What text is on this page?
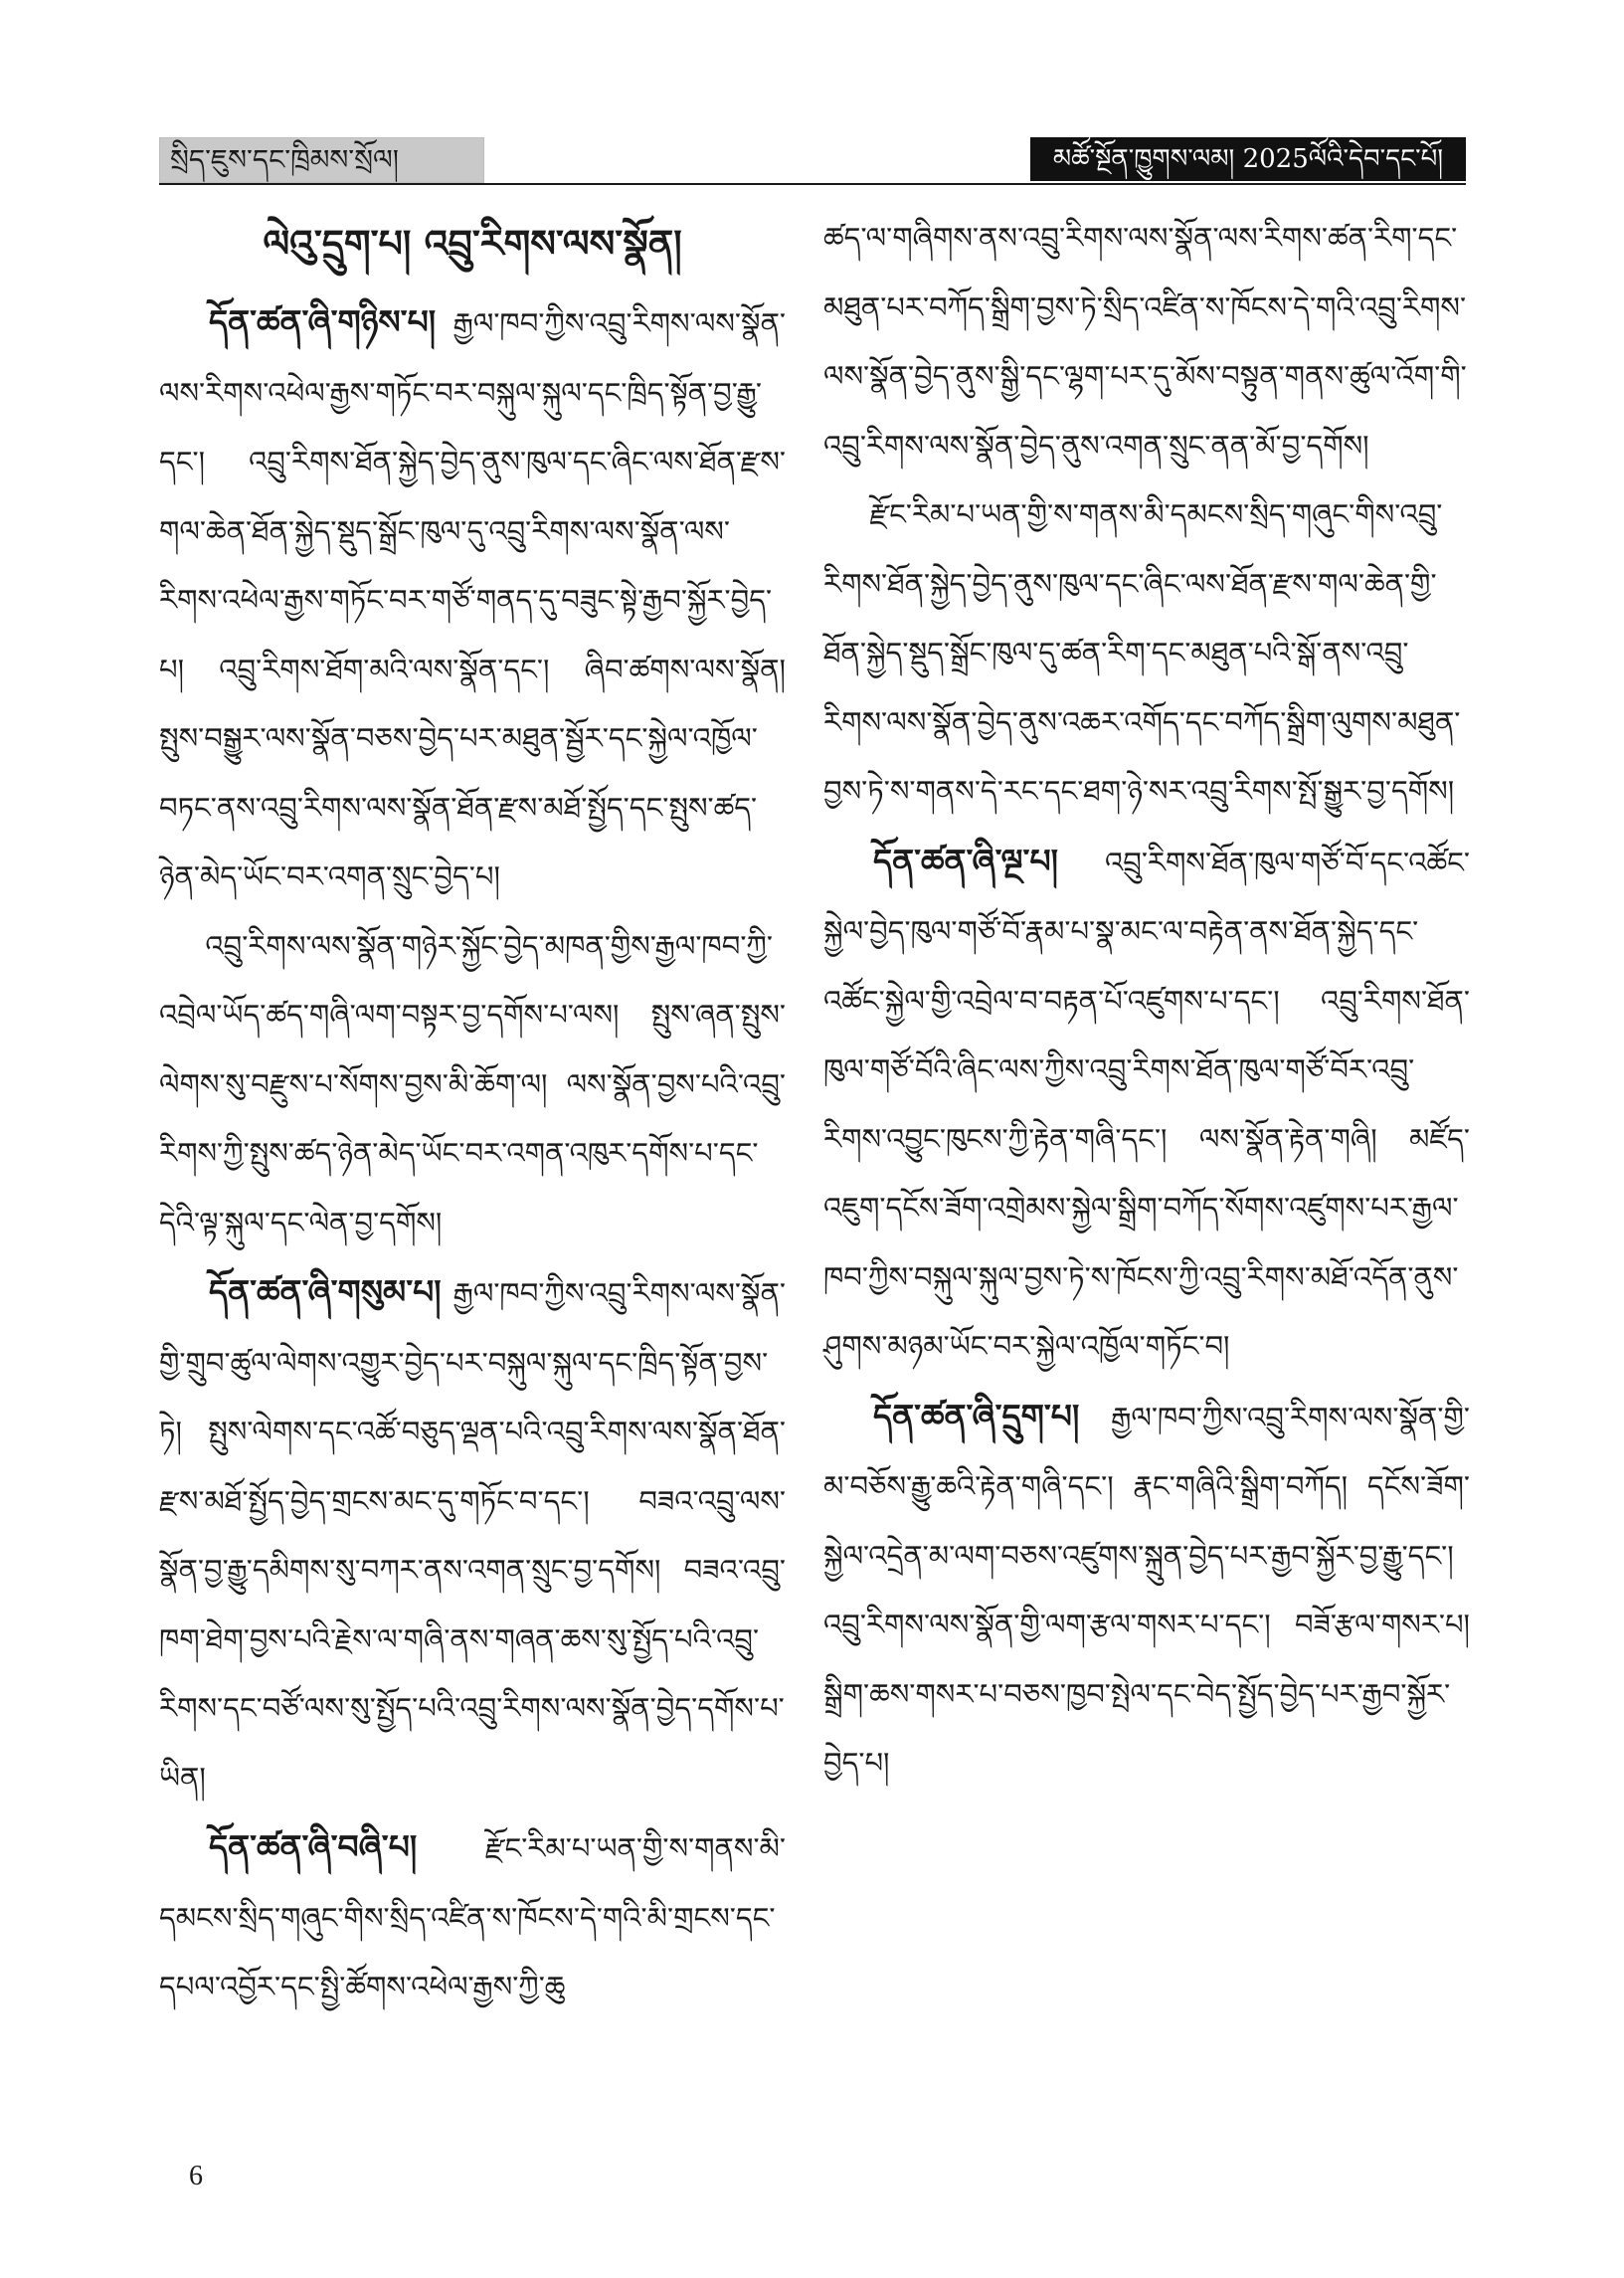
སྲིད་ཇུས་དང་ཁྲིམས་སྲོལ།	མཚོ་སྔོན་ཁྱུགས་ལམ། 2025ལོའི་དེབ་དང་པོ།
ལེའུ་དྲུག་པ། འབྲུ་རིགས་ལས་སྣོན།

དོན་ཚན་ཞི་གཉིས་པ། རྒྱལ་ཁབ་ཀྱིས་འབྲུ་རིགས་ལས་སྣོན་ལས་རིགས་འཕེལ་རྒྱས་གཏོང་བར་བསྐུལ་སྐུལ་དང་ཁྲིད་སྟོན་བྱ་རྒྱུ་དང་། འབྲུ་རིགས་ཐོན་སྐྱེད་བྱེད་ནུས་ཁུལ་དང་ཞིང་ལས་ཐོན་རྫས་གལ་ཆེན་ཐོན་སྐྱེད་སྡུད་སྒྲོང་ཁུལ་དུ་འབྲུ་རིགས་ལས་སྣོན་ལས་རིགས་འཕེལ་རྒྱས་གཏོང་བར་གཙོ་གནད་དུ་བཟུང་སྟེ་རྒྱབ་སྐྱོར་བྱེད་པ། འབྲུ་རིགས་ཐོག་མའི་ལས་སྣོན་དང་། ཞིབ་ཚགས་ལས་སྣོན། སྤུས་བསྒྱུར་ལས་སྣོན་བཅས་བྱེད་པར་མཐུན་སྦྱོར་དང་སྐྱེལ་འཁྱོལ་བཏང་ནས་འབྲུ་རིགས་ལས་སྣོན་ཐོན་རྫས་མཐོ་སྤྱོད་དང་སྤུས་ཚད་ཉེན་མེད་ཡོང་བར་འགན་སྲུང་བྱེད་པ།

འབྲུ་རིགས་ལས་སྣོན་གཉེར་སྐྱོང་བྱེད་མཁན་གྱིས་རྒྱལ་ཁབ་ཀྱི་འབྲེལ་ཡོད་ཚད་གཞི་ལག་བསྟར་བྱ་དགོས་པ་ལས། སྤུས་ཞན་སྤུས་ལེགས་སུ་བརྫུས་པ་སོགས་བྱས་མི་ཆོག་ལ། ལས་སྣོན་བྱས་པའི་འབྲུ་རིགས་ཀྱི་སྤུས་ཚད་ཉེན་མེད་ཡོང་བར་འགན་འཁུར་དགོས་པ་དང་དེའི་ལྟ་སྐུལ་དང་ལེན་བྱ་དགོས།

དོན་ཚན་ཞི་གསུམ་པ། རྒྱལ་ཁབ་ཀྱིས་འབྲུ་རིགས་ལས་སྣོན་གྱི་གྲུབ་ཚུལ་ལེགས་འགྱུར་བྱེད་པར་བསྐུལ་སྐུལ་དང་ཁྲིད་སྟོན་བྱས་ཏེ། སྤུས་ལེགས་དང་འཚོ་བཅུད་ལྡན་པའི་འབྲུ་རིགས་ལས་སྣོན་ཐོན་རྫས་མཐོ་སྤྱོད་བྱེད་གྲངས་མང་དུ་གཏོང་བ་དང་། བཟའ་འབྲུ་ལས་སྣོན་བྱ་རྒྱུ་དམིགས་སུ་བཀར་ནས་འགན་སྲུང་བྱ་དགོས། བཟའ་འབྲུ་ཁག་ཐེག་བྱས་པའི་རྗེས་ལ་གཞི་ནས་གཞན་ཆས་སུ་སྤྱོད་པའི་འབྲུ་རིགས་དང་བཙོ་ལས་སུ་སྤྱོད་པའི་འབྲུ་རིགས་ལས་སྣོན་བྱེད་དགོས་པ་ཡིན།

དོན་ཚན་ཞི་བཞི་པ། རྫོང་རིམ་པ་ཡན་གྱི་ས་གནས་མི་དམངས་སྲིད་གཞུང་གིས་སྲིད་འཛིན་ས་ཁོངས་དེ་གའི་མི་གྲངས་དང་དཔལ་འབྱོར་དང་སྤྱི་ཚོགས་འཕེལ་རྒྱས་ཀྱི་ཆུ

ཚད་ལ་གཞིགས་ནས་འབྲུ་རིགས་ལས་སྣོན་ལས་རིགས་ཚན་རིག་དང་མཐུན་པར་བཀོད་སྒྲིག་བྱས་ཏེ་སྲིད་འཛིན་ས་ཁོངས་དེ་གའི་འབྲུ་རིགས་ལས་སྣོན་བྱེད་ནུས་སྒྱི་དང་ལྷག་པར་དུ་མོས་བསྟུན་གནས་ཚུལ་འོག་གི་འབྲུ་རིགས་ལས་སྣོན་བྱེད་ནུས་འགན་སྲུང་ནན་མོ་བྱ་དགོས།

རྫོང་རིམ་པ་ཡན་གྱི་ས་གནས་མི་དམངས་སྲིད་གཞུང་གིས་འབྲུ་རིགས་ཐོན་སྐྱེད་བྱེད་ནུས་ཁུལ་དང་ཞིང་ལས་ཐོན་རྫས་གལ་ཆེན་གྱི་ཐོན་སྐྱེད་སྡུད་སྒྲོང་ཁུལ་དུ་ཚན་རིག་དང་མཐུན་པའི་སྒོ་ནས་འབྲུ་རིགས་ལས་སྣོན་བྱེད་ནུས་འཆར་འགོད་དང་བཀོད་སྒྲིག་ལུགས་མཐུན་བྱས་ཏེ་ས་གནས་དེ་རང་དང་ཐག་ཉེ་སར་འབྲུ་རིགས་སྤོ་སྒྱུར་བྱ་དགོས།

དོན་ཚན་ཞི་ལྔ་པ། འབྲུ་རིགས་ཐོན་ཁུལ་གཙོ་བོ་དང་འཚོང་སྐྱེལ་བྱེད་ཁུལ་གཙོ་བོ་རྣམ་པ་སྣ་མང་ལ་བརྟེན་ནས་ཐོན་སྐྱེད་དང་འཚོང་སྐྱེལ་གྱི་འབྲེལ་བ་བརྟན་པོ་འཛུགས་པ་དང་། འབྲུ་རིགས་ཐོན་ཁུལ་གཙོ་བོའི་ཞིང་ལས་ཀྱིས་འབྲུ་རིགས་ཐོན་ཁུལ་གཙོ་བོར་འབྲུ་རིགས་འབྱུང་ཁུངས་ཀྱི་རྟེན་གཞི་དང་། ལས་སྣོན་རྟེན་གཞི། མཛོད་འཇུག་དངོས་ཟོག་འགྲེམས་སྐྱེལ་སྒྲིག་བཀོད་སོགས་འཛུགས་པར་རྒྱལ་ཁབ་ཀྱིས་བསྐུལ་སྐུལ་བྱས་ཏེ་ས་ཁོངས་ཀྱི་འབྲུ་རིགས་མཐོ་འདོན་ནུས་ཤུགས་མཉམ་ཡོང་བར་སྐྱེལ་འཁྱོལ་གཏོང་བ།

དོན་ཚན་ཞི་དྲུག་པ། རྒྱལ་ཁབ་ཀྱིས་འབྲུ་རིགས་ལས་སྣོན་གྱི་མ་བཅོས་རྒྱུ་ཆའི་རྟེན་གཞི་དང་། རྣང་གཞིའི་སྒྲིག་བཀོད། དངོས་ཟོག་སྐྱེལ་འདྲེན་མ་ལག་བཅས་འཛུགས་སྐྲུན་བྱེད་པར་རྒྱབ་སྐྱོར་བྱ་རྒྱུ་དང་། འབྲུ་རིགས་ལས་སྣོན་གྱི་ལག་རྩལ་གསར་པ་དང་། བཟོ་རྩལ་གསར་པ། སྒྲིག་ཆས་གསར་པ་བཅས་ཁྱབ་སྤེལ་དང་བེད་སྤྱོད་བྱེད་པར་རྒྱབ་སྐྱོར་བྱེད་པ།

6
